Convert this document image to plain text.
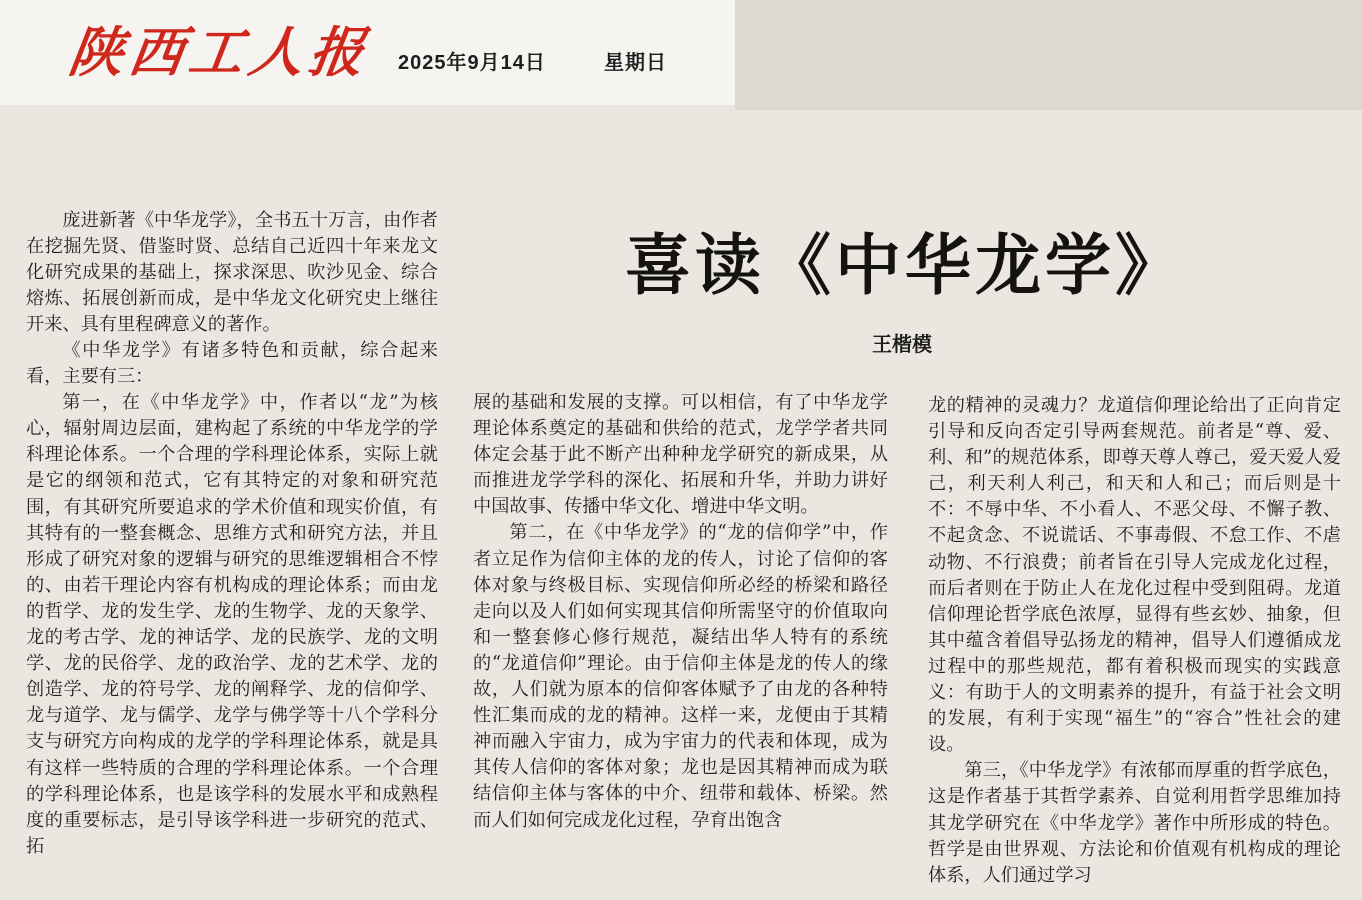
陕西工人报 2025年9月14日	星期日
喜读《中华龙学》
王楷模

庞进新著《中华龙学》，全书五十万言，由作者在挖掘先贤、借鉴时贤、总结自己近四十年来龙文化研究成果的基础上，探求深思、吹沙见金、综合熔炼、拓展创新而成，是中华龙文化研究史上继往开来、具有里程碑意义的著作。

《中华龙学》有诸多特色和贡献，综合起来看，主要有三：

第一，在《中华龙学》中，作者以“龙”为核心，辐射周边层面，建构起了系统的中华龙学的学科理论体系。一个合理的学科理论体系，实际上就是它的纲领和范式，它有其特定的对象和研究范围，有其研究所要追求的学术价值和现实价值，有其特有的一整套概念、思维方式和研究方法，并且形成了研究对象的逻辑与研究的思维逻辑相合不悖的、由若干理论内容有机构成的理论体系；而由龙的哲学、龙的发生学、龙的生物学、龙的天象学、龙的考古学、龙的神话学、龙的民族学、龙的文明学、龙的民俗学、龙的政治学、龙的艺术学、龙的创造学、龙的符号学、龙的阐释学、龙的信仰学、龙与道学、龙与儒学、龙学与佛学等十八个学科分支与研究方向构成的龙学的学科理论体系，就是具有这样一些特质的合理的学科理论体系。一个合理的学科理论体系，也是该学科的发展水平和成熟程度的重要标志，是引导该学科进一步研究的范式、拓

展的基础和发展的支撑。可以相信，有了中华龙学理论体系奠定的基础和供给的范式，龙学学者共同体定会基于此不断产出种种龙学研究的新成果，从而推进龙学学科的深化、拓展和升华，并助力讲好中国故事、传播中华文化、增进中华文明。

第二，在《中华龙学》的“龙的信仰学”中，作者立足作为信仰主体的龙的传人，讨论了信仰的客体对象与终极目标、实现信仰所必经的桥梁和路径走向以及人们如何实现其信仰所需坚守的价值取向和一整套修心修行规范，凝结出华人特有的系统的“龙道信仰”理论。由于信仰主体是龙的传人的缘故，人们就为原本的信仰客体赋予了由龙的各种特性汇集而成的龙的精神。这样一来，龙便由于其精神而融入宇宙力，成为宇宙力的代表和体现，成为其传人信仰的客体对象；龙也是因其精神而成为联结信仰主体与客体的中介、纽带和载体、桥梁。然而人们如何完成龙化过程，孕育出饱含

龙的精神的灵魂力？龙道信仰理论给出了正向肯定引导和反向否定引导两套规范。前者是“尊、爱、利、和”的规范体系，即尊天尊人尊己，爱天爱人爱己，利天利人利己，和天和人和己；而后则是十不：不辱中华、不小看人、不恶父母、不懈子教、不起贪念、不说谎话、不事毒假、不怠工作、不虐动物、不行浪费；前者旨在引导人完成龙化过程，而后者则在于防止人在龙化过程中受到阻碍。龙道信仰理论哲学底色浓厚，显得有些玄妙、抽象，但其中蕴含着倡导弘扬龙的精神，倡导人们遵循成龙过程中的那些规范，都有着积极而现实的实践意义：有助于人的文明素养的提升，有益于社会文明的发展，有利于实现“福生”的“容合”性社会的建设。

第三，《中华龙学》有浓郁而厚重的哲学底色，这是作者基于其哲学素养、自觉利用哲学思维加持其龙学研究在《中华龙学》著作中所形成的特色。哲学是由世界观、方法论和价值观有机构成的理论体系，人们通过学习
